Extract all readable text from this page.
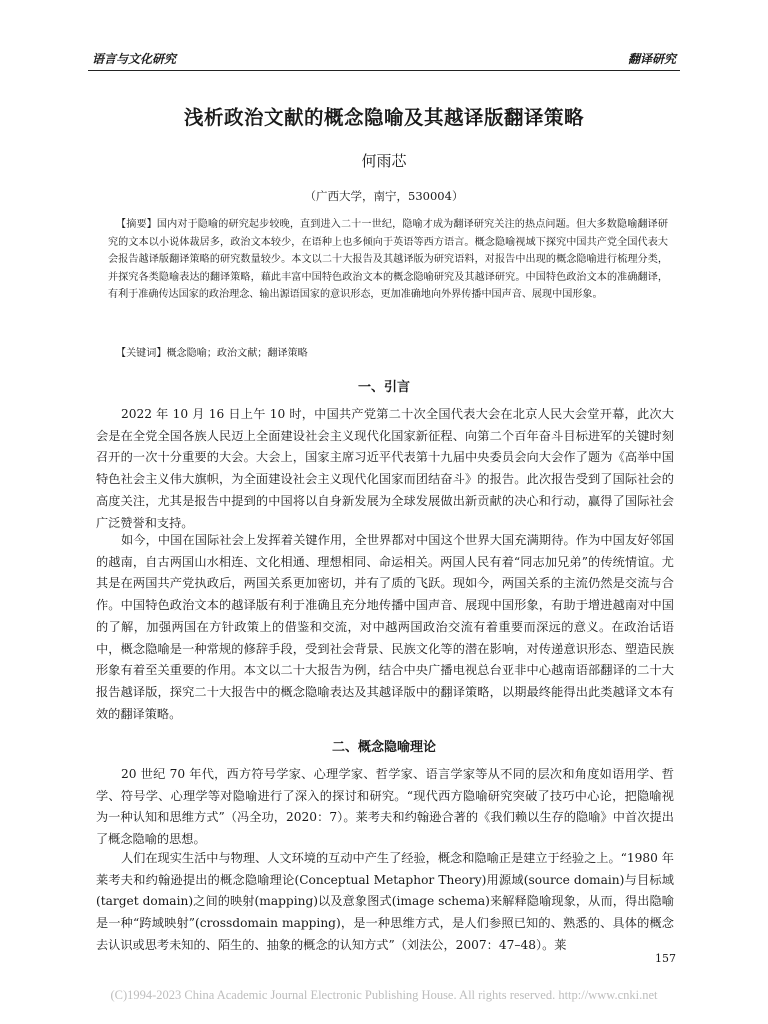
语言与文化研究	翻译研究
浅析政治文献的概念隐喻及其越译版翻译策略
何雨芯
（广西大学，南宁，530004）
【摘要】国内对于隐喻的研究起步较晚，直到进入二十一世纪，隐喻才成为翻译研究关注的热点问题。但大多数隐喻翻译研究的文本以小说体裁居多，政治文本较少，在语种上也多倾向于英语等西方语言。概念隐喻视域下探究中国共产党全国代表大会报告越译版翻译策略的研究数量较少。本文以二十大报告及其越译版为研究语料，对报告中出现的概念隐喻进行梳理分类，并探究各类隐喻表达的翻译策略，藉此丰富中国特色政治文本的概念隐喻研究及其越译研究。中国特色政治文本的准确翻译，有利于准确传达国家的政治理念、输出源语国家的意识形态，更加准确地向外界传播中国声音、展现中国形象。
【关键词】概念隐喻；政治文献；翻译策略
一、引言

2022 年 10 月 16 日上午 10 时，中国共产党第二十次全国代表大会在北京人民大会堂开幕，此次大会是在全党全国各族人民迈上全面建设社会主义现代化国家新征程、向第二个百年奋斗目标进军的关键时刻召开的一次十分重要的大会。大会上，国家主席习近平代表第十九届中央委员会向大会作了题为《高举中国特色社会主义伟大旗帜，为全面建设社会主义现代化国家而团结奋斗》的报告。此次报告受到了国际社会的高度关注，尤其是报告中提到的中国将以自身新发展为全球发展做出新贡献的决心和行动，赢得了国际社会广泛赞誉和支持。

如今，中国在国际社会上发挥着关键作用，全世界都对中国这个世界大国充满期待。作为中国友好邻国的越南，自古两国山水相连、文化相通、理想相同、命运相关。两国人民有着“同志加兄弟”的传统情谊。尤其是在两国共产党执政后，两国关系更加密切，并有了质的飞跃。现如今，两国关系的主流仍然是交流与合作。中国特色政治文本的越译版有利于准确且充分地传播中国声音、展现中国形象，有助于增进越南对中国的了解，加强两国在方针政策上的借鉴和交流，对中越两国政治交流有着重要而深远的意义。在政治话语中，概念隐喻是一种常规的修辞手段，受到社会背景、民族文化等的潜在影响，对传递意识形态、塑造民族形象有着至关重要的作用。本文以二十大报告为例，结合中央广播电视总台亚非中心越南语部翻译的二十大报告越译版，探究二十大报告中的概念隐喻表达及其越译版中的翻译策略，以期最终能得出此类越译文本有效的翻译策略。

二、概念隐喻理论

20 世纪 70 年代，西方符号学家、心理学家、哲学家、语言学家等从不同的层次和角度如语用学、哲学、符号学、心理学等对隐喻进行了深入的探讨和研究。“现代西方隐喻研究突破了技巧中心论，把隐喻视为一种认知和思维方式”（冯全功，2020：7）。莱考夫和约翰逊合著的《我们赖以生存的隐喻》中首次提出了概念隐喻的思想。

人们在现实生活中与物理、人文环境的互动中产生了经验，概念和隐喻正是建立于经验之上。“1980 年莱考夫和约翰逊提出的概念隐喻理论(Conceptual Metaphor Theory)用源域(source domain)与目标域(target domain)之间的映射(mapping)以及意象图式(image schema)来解释隐喻现象，从而，得出隐喻是一种“跨域映射”(crossdomain mapping)，是一种思维方式，是人们参照已知的、熟悉的、具体的概念去认识或思考未知的、陌生的、抽象的概念的认知方式”（刘法公，2007：47–48）。莱

157
(C)1994-2023 China Academic Journal Electronic Publishing House. All rights reserved. http://www.cnki.net
